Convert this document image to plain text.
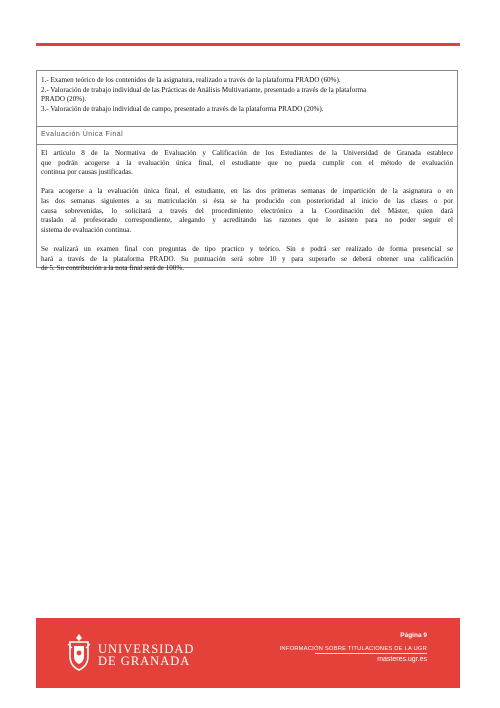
1.- Examen teórico de los contenidos de la asignatura, realizado a través de la plataforma PRADO (60%).
2.- Valoración de trabajo individual de las Prácticas de Análisis Multivariante, presentado a través de la plataforma
PRADO (20%).
3.- Valoración de trabajo individual de campo, presentado a través de la plataforma PRADO (20%).
Evaluación Única Final
El artículo 8 de la Normativa de Evaluación y Calificación de los Estudiantes de la Universidad de Granada establece
que podrán acogerse a la evaluación única final, el estudiante que no pueda cumplir con el método de evaluación
continua por causas justificadas.
Para acogerse a la evaluación única final, el estudiante, en las dos primeras semanas de impartición de la asignatura o en
las dos semanas siguientes a su matriculación si ésta se ha producido con posterioridad al inicio de las clases o por
causa sobrevenidas, lo solicitará a través del procedimiento electrónico a la Coordinación del Máster, quien dará
traslado al profesorado correspondiente, alegando y acreditando las razones que le asisten para no poder seguir el
sistema de evaluación continua.
Se realizará un examen final con preguntas de tipo practico y teórico. Sin e podrá ser realizado de forma presencial se
hará a través de la plataforma PRADO. Su puntuación será sobre 10 y para superarlo se deberá obtener una calificación
de 5. Su contribución a la nota final será de 100%.
UNIVERSIDAD
DE GRANADA
Página 9
INFORMACIÓN SOBRE TITULACIONES DE LA UGR
masteres.ugr.es
